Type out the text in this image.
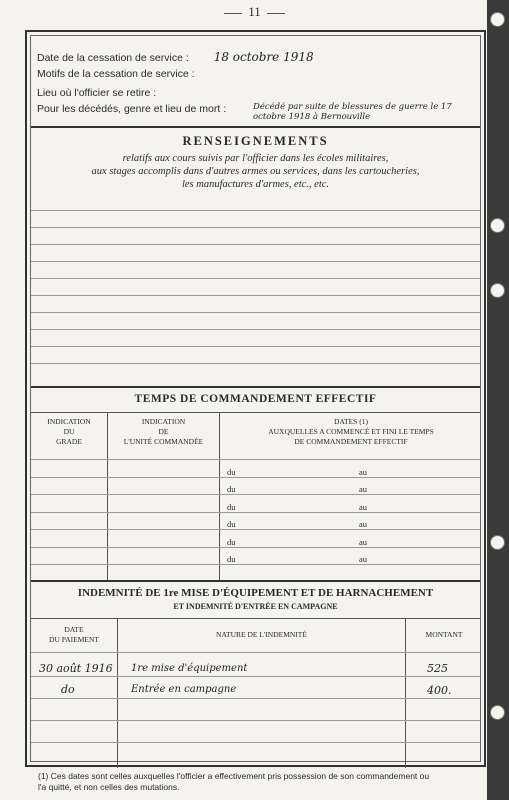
11
Date de la cessation de service : 18 octobre 1918
Motifs de la cessation de service :
Lieu où l'officier se retire :
Pour les décédés, genre et lieu de mort :	Décédé par suite de blessures de guerre le 17
octobre 1918 à Bernouville
RENSEIGNEMENTS
relatifs aux cours suivis par l'officier dans les écoles militaires,
aux stages accomplis dans d'autres armes ou services, dans les cartoucheries,
les manufactures d'armes, etc., etc.
TEMPS DE COMMANDEMENT EFFECTIF
INDICATION
DU
GRADE
INDICATION
DE
L'UNITÉ COMMANDÉE
DATES (1)
AUXQUELLES A COMMENCÉ ET FINI LE TEMPS
DE COMMANDEMENT EFFECTIF
du	au
du	au
du	au
du	au
du	au
du	au
INDEMNITÉ DE 1re MISE D'ÉQUIPEMENT ET DE HARNACHEMENT
ET INDEMNITÉ D'ENTRÉE EN CAMPAGNE
DATE
DU PAIEMENT
NATURE DE L'INDEMNITÉ	MONTANT
30 août 1916 1re mise d'équipement	525
do	Entrée en campagne	400.
(1) Ces dates sont celles auxquelles l'officier a effectivement pris possession de son commandement ou
l'a quitté, et non celles des mutations.
